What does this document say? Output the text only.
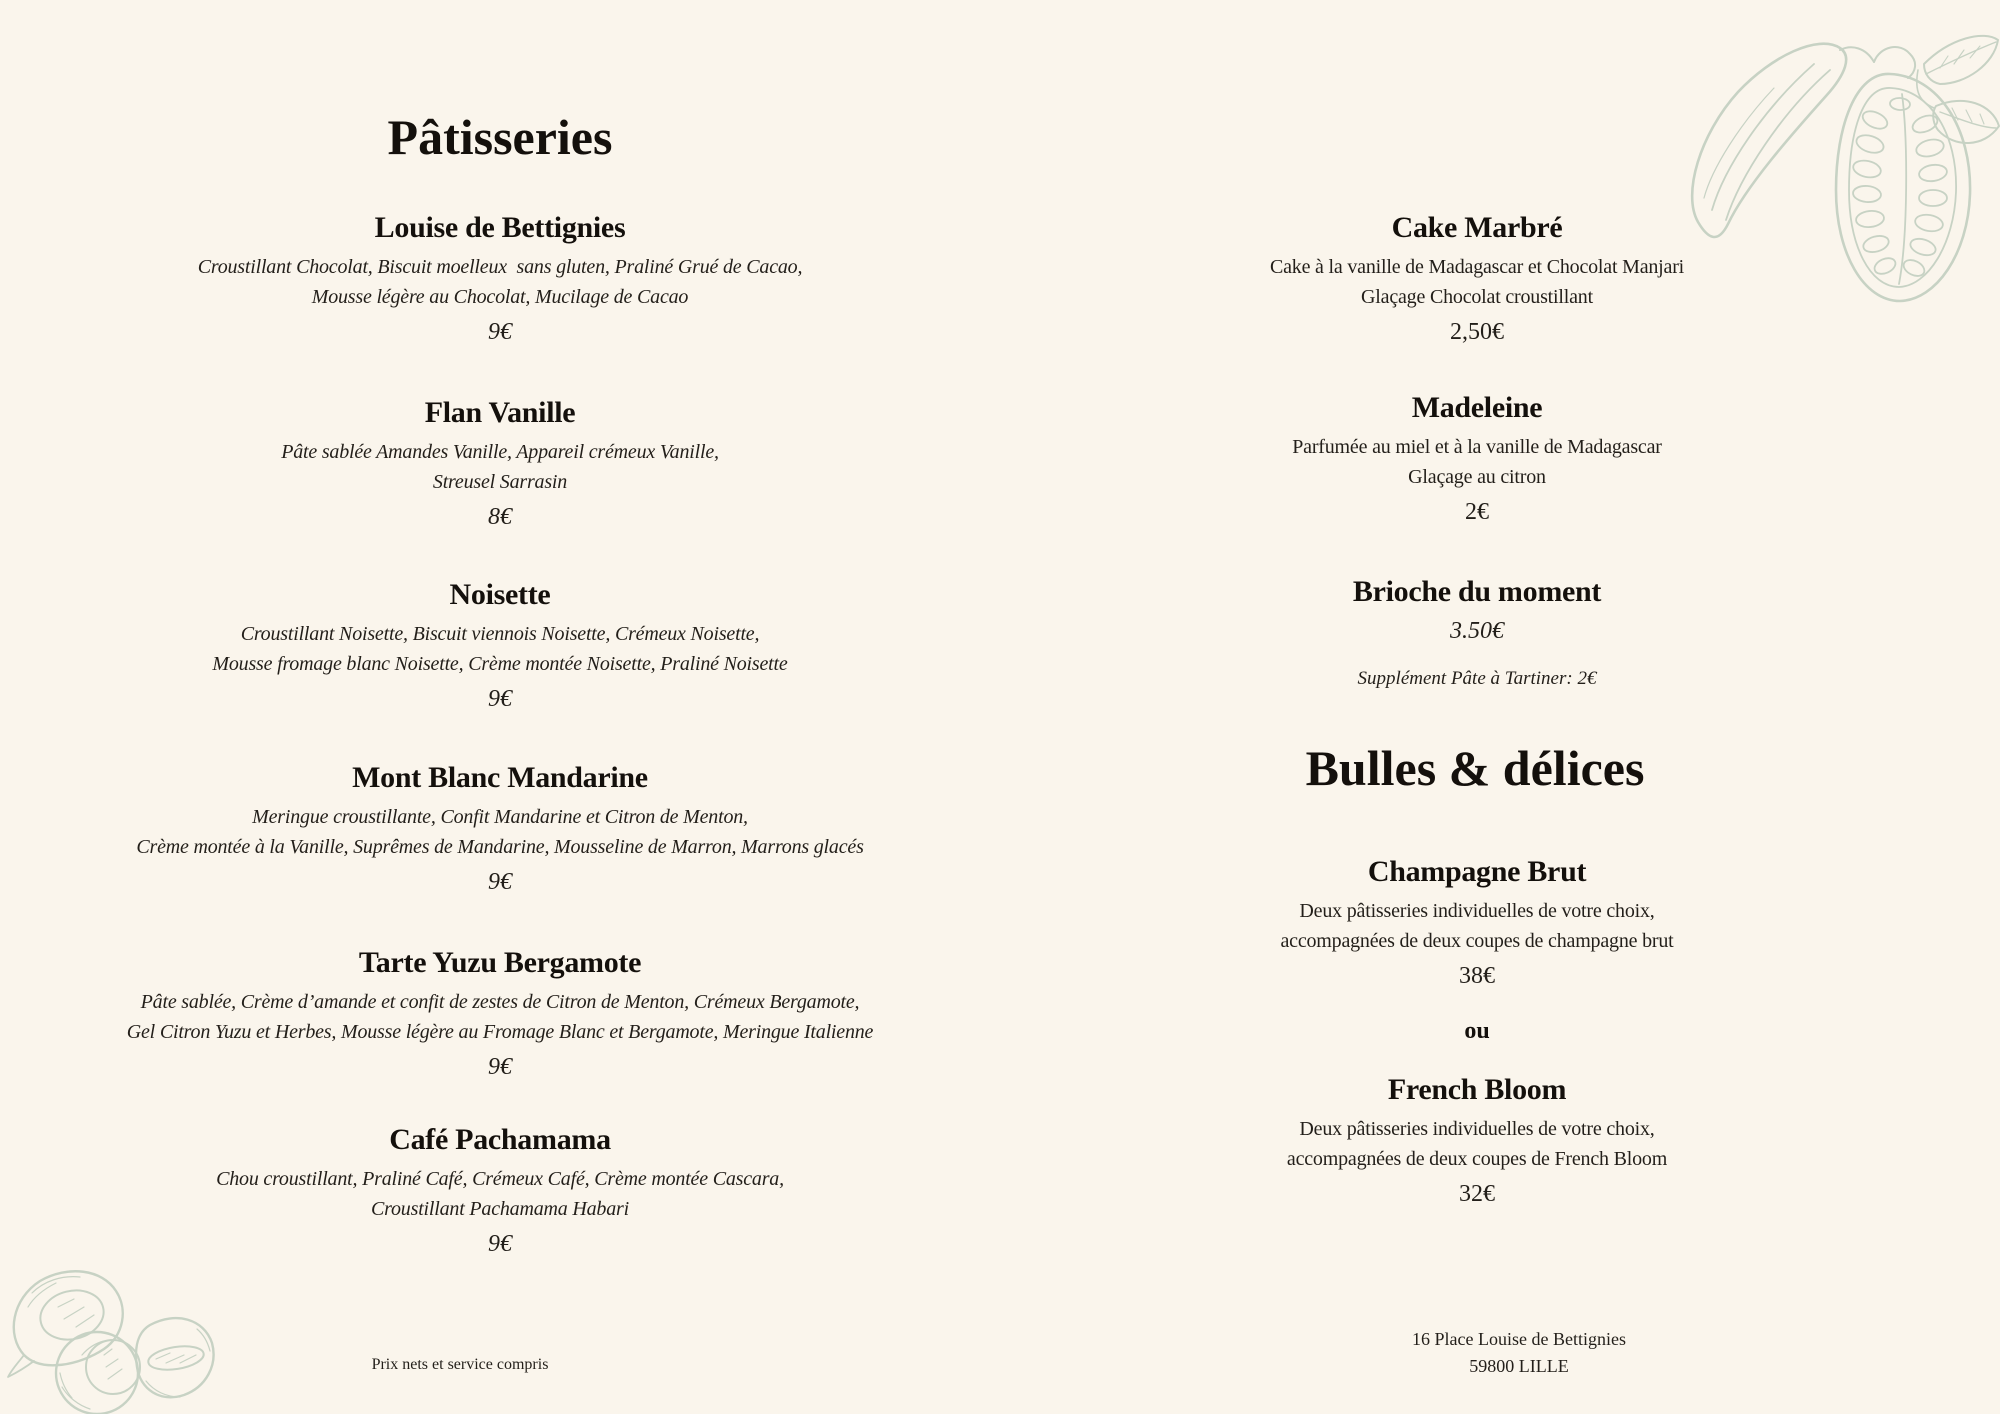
Pâtisseries
Louise de Bettignies

Croustillant Chocolat, Biscuit moelleux  sans gluten, Praliné Grué de Cacao,

Mousse légère au Chocolat, Mucilage de Cacao

9€

Flan Vanille

Pâte sablée Amandes Vanille, Appareil crémeux Vanille,

Streusel Sarrasin

8€

Noisette

Croustillant Noisette, Biscuit viennois Noisette, Crémeux Noisette,

Mousse fromage blanc Noisette, Crème montée Noisette, Praliné Noisette

9€

Mont Blanc Mandarine

Meringue croustillante, Confit Mandarine et Citron de Menton,

Crème montée à la Vanille, Suprêmes de Mandarine, Mousseline de Marron, Marrons glacés

9€

Tarte Yuzu Bergamote

Pâte sablée, Crème d’amande et confit de zestes de Citron de Menton, Crémeux Bergamote,

Gel Citron Yuzu et Herbes, Mousse légère au Fromage Blanc et Bergamote, Meringue Italienne

9€

Café Pachamama

Chou croustillant, Praliné Café, Crémeux Café, Crème montée Cascara,

Croustillant Pachamama Habari

9€

Prix nets et service compris

Cake Marbré

Cake à la vanille de Madagascar et Chocolat Manjari

Glaçage Chocolat croustillant

2,50€

Madeleine

Parfumée au miel et à la vanille de Madagascar

Glaçage au citron

2€

Brioche du moment

3.50€

Supplément Pâte à Tartiner: 2€

Bulles & délices
Champagne Brut

Deux pâtisseries individuelles de votre choix,

accompagnées de deux coupes de champagne brut

38€

ou

French Bloom

Deux pâtisseries individuelles de votre choix,

accompagnées de deux coupes de French Bloom

32€

16 Place Louise de Bettignies

59800 LILLE
